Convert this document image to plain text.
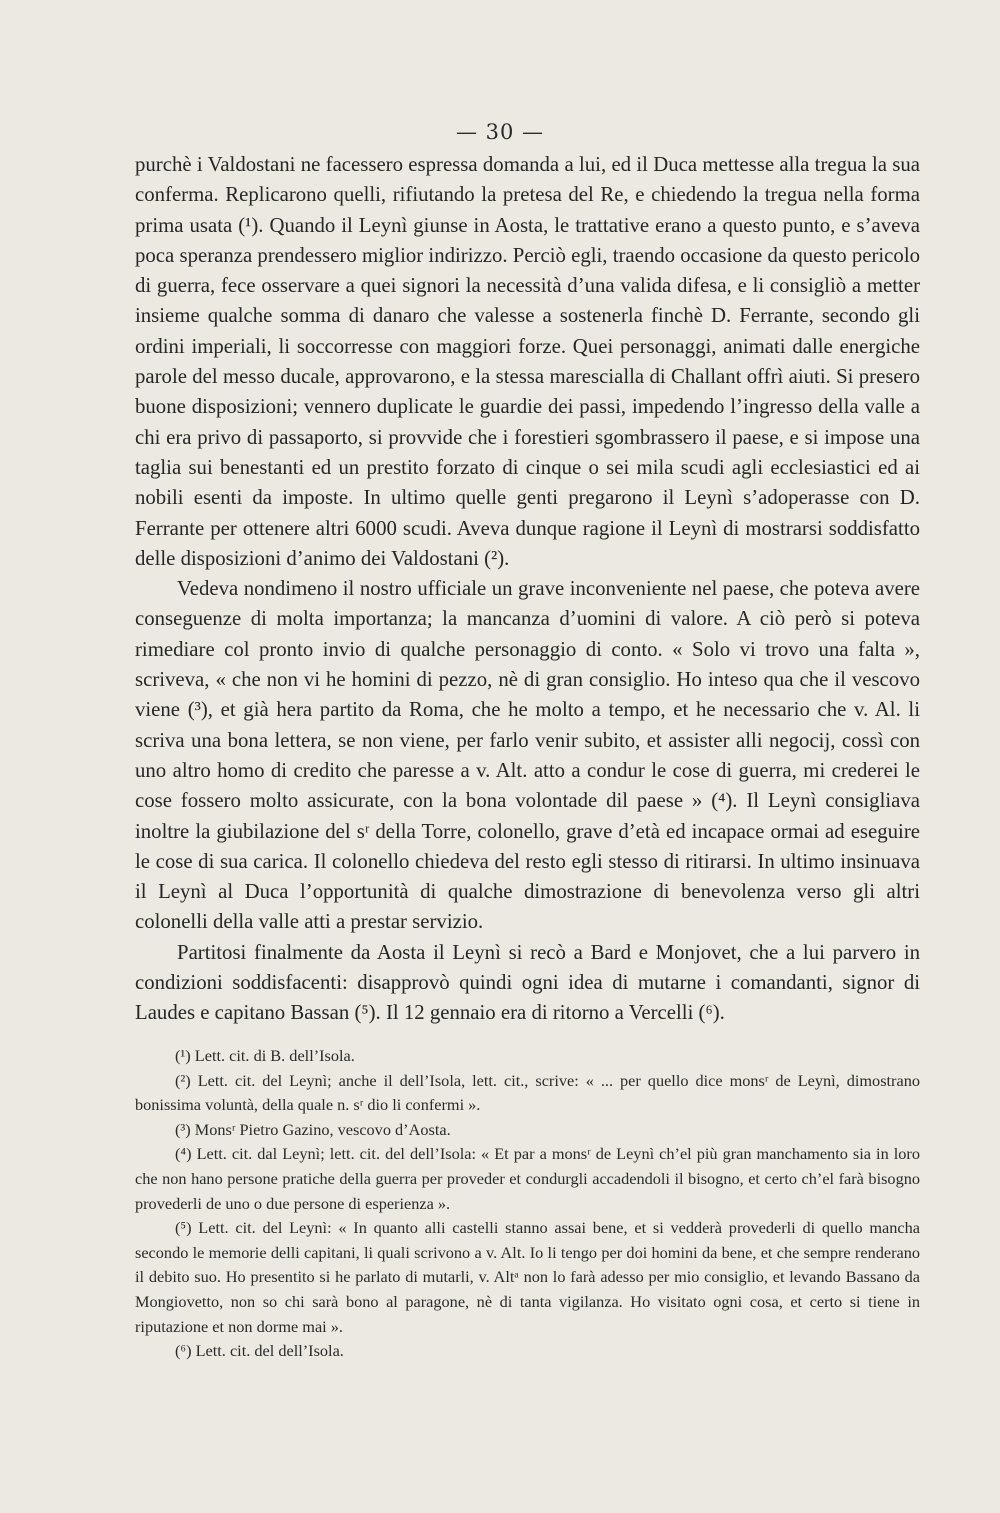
— 30 —

purchè i Valdostani ne facessero espressa domanda a lui, ed il Duca mettesse alla tregua la sua conferma. Replicarono quelli, rifiutando la pretesa del Re, e chiedendo la tregua nella forma prima usata (¹). Quando il Leynì giunse in Aosta, le trattative erano a questo punto, e s’aveva poca speranza prendessero miglior indirizzo. Perciò egli, traendo occasione da questo pericolo di guerra, fece osservare a quei signori la necessità d’una valida difesa, e li consigliò a metter insieme qualche somma di danaro che valesse a sostenerla finchè D. Ferrante, secondo gli ordini imperiali, li soccorresse con maggiori forze. Quei personaggi, animati dalle energiche parole del messo ducale, approvarono, e la stessa marescialla di Challant offrì aiuti. Si presero buone disposizioni; vennero duplicate le guardie dei passi, impedendo l’ingresso della valle a chi era privo di passaporto, si provvide che i forestieri sgombrassero il paese, e si impose una taglia sui benestanti ed un prestito forzato di cinque o sei mila scudi agli ecclesiastici ed ai nobili esenti da imposte. In ultimo quelle genti pregarono il Leynì s’adoperasse con D. Ferrante per ottenere altri 6000 scudi. Aveva dunque ragione il Leynì di mostrarsi soddisfatto delle disposizioni d’animo dei Valdostani (²).

Vedeva nondimeno il nostro ufficiale un grave inconveniente nel paese, che poteva avere conseguenze di molta importanza; la mancanza d’uomini di valore. A ciò però si poteva rimediare col pronto invio di qualche personaggio di conto. « Solo vi trovo una falta », scriveva, « che non vi he homini di pezzo, nè di gran consiglio. Ho inteso qua che il vescovo viene (³), et già hera partito da Roma, che he molto a tempo, et he necessario che v. Al. li scriva una bona lettera, se non viene, per farlo venir subito, et assister alli negocij, cossì con uno altro homo di credito che paresse a v. Alt. atto a condur le cose di guerra, mi crederei le cose fossero molto assicurate, con la bona volontade dil paese » (⁴). Il Leynì consigliava inoltre la giubilazione del sʳ della Torre, colonello, grave d’età ed incapace ormai ad eseguire le cose di sua carica. Il colonello chiedeva del resto egli stesso di ritirarsi. In ultimo insinuava il Leynì al Duca l’opportunità di qualche dimostrazione di benevolenza verso gli altri colonelli della valle atti a prestar servizio.

Partitosi finalmente da Aosta il Leynì si recò a Bard e Monjovet, che a lui parvero in condizioni soddisfacenti: disapprovò quindi ogni idea di mutarne i comandanti, signor di Laudes e capitano Bassan (⁵). Il 12 gennaio era di ritorno a Vercelli (⁶).

(¹) Lett. cit. di B. dell’Isola.

(²) Lett. cit. del Leynì; anche il dell’Isola, lett. cit., scrive: « ... per quello dice monsʳ de Leynì, dimostrano bonissima voluntà, della quale n. sʳ dio li confermi ».

(³) Monsʳ Pietro Gazino, vescovo d’Aosta.

(⁴) Lett. cit. dal Leynì; lett. cit. del dell’Isola: « Et par a monsʳ de Leynì ch’el più gran manchamento sia in loro che non hano persone pratiche della guerra per proveder et condurgli accadendoli il bisogno, et certo ch’el farà bisogno provederli de uno o due persone di esperienza ».

(⁵) Lett. cit. del Leynì: « In quanto alli castelli stanno assai bene, et si vedderà provederli di quello mancha secondo le memorie delli capitani, li quali scrivono a v. Alt. Io li tengo per doi homini da bene, et che sempre renderano il debito suo. Ho presentito si he parlato di mutarli, v. Altᵃ non lo farà adesso per mio consiglio, et levando Bassano da Mongiovetto, non so chi sarà bono al paragone, nè di tanta vigilanza. Ho visitato ogni cosa, et certo si tiene in riputazione et non dorme mai ».

(⁶) Lett. cit. del dell’Isola.
